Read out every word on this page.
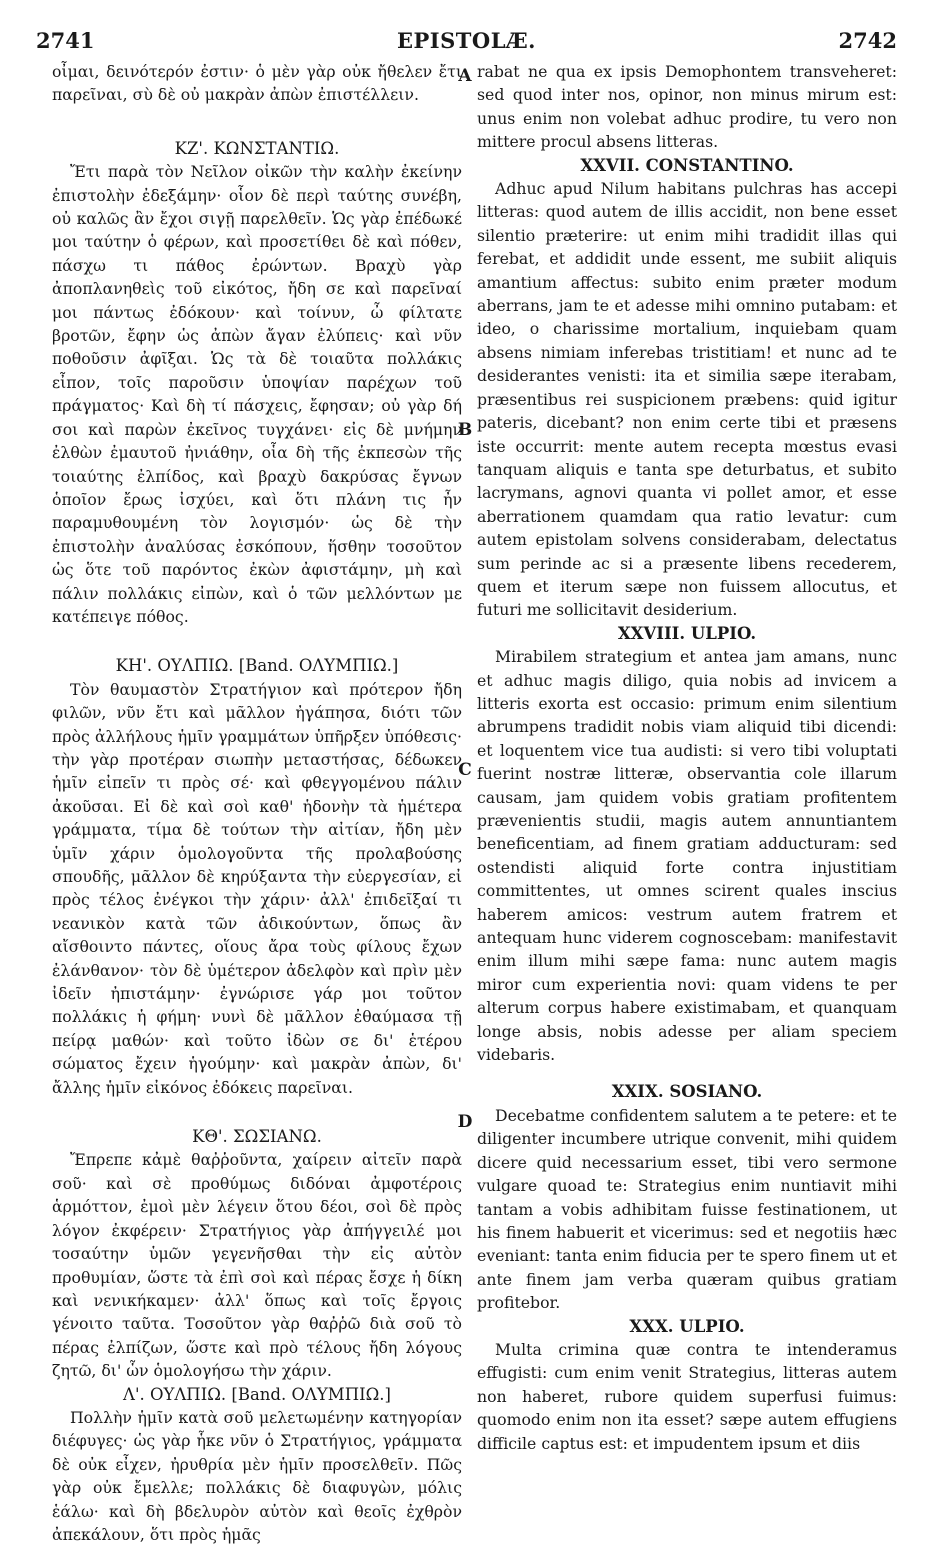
2741	EPISTOLÆ.	2742

οἶμαι, δεινότερόν ἐστιν· ὁ μὲν γὰρ οὐκ ἤθελεν ἔτι παρεῖναι, σὺ δὲ οὐ μακρὰν ἀπὼν ἐπιστέλλειν.

ΚΖ'. ΚΩΝΣΤΑΝΤΙΩ.

Ἔτι παρὰ τὸν Νεῖλον οἰκῶν τὴν καλὴν ἐκείνην ἐπιστολὴν ἐδεξάμην· οἷον δὲ περὶ ταύτης συνέβη, οὐ καλῶς ἂν ἔχοι σιγῇ παρελθεῖν. Ὡς γὰρ ἐπέδωκέ μοι ταύτην ὁ φέρων, καὶ προσετίθει δὲ καὶ πόθεν, πάσχω τι πάθος ἐρώντων. Βραχὺ γὰρ ἀποπλανηθεὶς τοῦ εἰκότος, ἤδη σε καὶ παρεῖναί μοι πάντως ἐδόκουν· καὶ τοίνυν, ὦ φίλτατε βροτῶν, ἔφην ὡς ἀπὼν ἄγαν ἐλύπεις· καὶ νῦν ποθοῦσιν ἀφῖξαι. Ὡς τὰ δὲ τοιαῦτα πολλάκις εἶπον, τοῖς παροῦσιν ὑποψίαν παρέχων τοῦ πράγματος· Καὶ δὴ τί πάσχεις, ἔφησαν; οὐ γὰρ δή σοι καὶ παρὼν ἐκεῖνος τυγχάνει· εἰς δὲ μνήμην ἐλθὼν ἐμαυτοῦ ἠνιάθην, οἷα δὴ τῆς ἐκπεσὼν τῆς τοιαύτης ἐλπίδος, καὶ βραχὺ δακρύσας ἔγνων ὁποῖον ἔρως ἰσχύει, καὶ ὅτι πλάνη τις ἦν παραμυθουμένη τὸν λογισμόν· ὡς δὲ τὴν ἐπιστολὴν ἀναλύσας ἐσκόπουν, ἥσθην τοσοῦτον ὡς ὅτε τοῦ παρόντος ἐκὼν ἀφιστάμην, μὴ καὶ πάλιν πολλάκις εἰπὼν, καὶ ὁ τῶν μελλόντων με κατέπειγε πόθος.

ΚΗ'. ΟΥΛΠΙΩ. [Band. ΟΛΥΜΠΙΩ.]

Τὸν θαυμαστὸν Στρατήγιον καὶ πρότερον ἤδη φιλῶν, νῦν ἔτι καὶ μᾶλλον ἠγάπησα, διότι τῶν πρὸς ἀλλήλους ἡμῖν γραμμάτων ὑπῆρξεν ὑπόθεσις· τὴν γὰρ προτέραν σιωπὴν μεταστήσας, δέδωκεν ἡμῖν εἰπεῖν τι πρὸς σέ· καὶ φθεγγομένου πάλιν ἀκοῦσαι. Εἰ δὲ καὶ σοὶ καθ' ἡδονὴν τὰ ἡμέτερα γράμματα, τίμα δὲ τούτων τὴν αἰτίαν, ἤδη μὲν ὑμῖν χάριν ὁμολογοῦντα τῆς προλαβούσης σπουδῆς, μᾶλλον δὲ κηρύξαντα τὴν εὐεργεσίαν, εἰ πρὸς τέλος ἐνέγκοι τὴν χάριν· ἀλλ' ἐπιδεῖξαί τι νεανικὸν κατὰ τῶν ἀδικούντων, ὅπως ἂν αἴσθοιντο πάντες, οἵους ἄρα τοὺς φίλους ἔχων ἐλάνθανον· τὸν δὲ ὑμέτερον ἀδελφὸν καὶ πρὶν μὲν ἰδεῖν ἠπιστάμην· ἐγνώρισε γάρ μοι τοῦτον πολλάκις ἡ φήμη· νυνὶ δὲ μᾶλλον ἐθαύμασα τῇ πείρᾳ μαθών· καὶ τοῦτο ἰδὼν σε δι' ἑτέρου σώματος ἔχειν ἡγούμην· καὶ μακρὰν ἀπὼν, δι' ἄλλης ἡμῖν εἰκόνος ἐδόκεις παρεῖναι.

ΚΘ'. ΣΩΣΙΑΝΩ.

Ἔπρεπε κἀμὲ θαῤῥοῦντα, χαίρειν αἰτεῖν παρὰ σοῦ· καὶ σὲ προθύμως διδόναι ἀμφοτέροις ἁρμόττον, ἐμοὶ μὲν λέγειν ὅτου δέοι, σοὶ δὲ πρὸς λόγον ἐκφέρειν· Στρατήγιος γὰρ ἀπήγγειλέ μοι τοσαύτην ὑμῶν γεγενῆσθαι τὴν εἰς αὐτὸν προθυμίαν, ὥστε τὰ ἐπὶ σοὶ καὶ πέρας ἔσχε ἡ δίκη καὶ νενικήκαμεν· ἀλλ' ὅπως καὶ τοῖς ἔργοις γένοιτο ταῦτα. Τοσοῦτον γὰρ θαῤῥῶ διὰ σοῦ τὸ πέρας ἐλπίζων, ὥστε καὶ πρὸ τέλους ἤδη λόγους ζητῶ, δι' ὧν ὁμολογήσω τὴν χάριν.

Λ'. ΟΥΛΠΙΩ. [Band. ΟΛΥΜΠΙΩ.]

Πολλὴν ἡμῖν κατὰ σοῦ μελετωμένην κατηγορίαν διέφυγες· ὡς γὰρ ἧκε νῦν ὁ Στρατήγιος, γράμματα δὲ οὐκ εἶχεν, ἠρυθρία μὲν ἡμῖν προσελθεῖν. Πῶς γὰρ οὐκ ἔμελλε; πολλάκις δὲ διαφυγὼν, μόλις ἑάλω· καὶ δὴ βδελυρὸν αὐτὸν καὶ θεοῖς ἐχθρὸν ἀπεκάλουν, ὅτι πρὸς ἡμᾶς

A
B
C
D

rabat ne qua ex ipsis Demophontem transveheret: sed quod inter nos, opinor, non minus mirum est: unus enim non volebat adhuc prodire, tu vero non mittere procul absens litteras.

XXVII. CONSTANTINO.

Adhuc apud Nilum habitans pulchras has accepi litteras: quod autem de illis accidit, non bene esset silentio præterire: ut enim mihi tradidit illas qui ferebat, et addidit unde essent, me subiit aliquis amantium affectus: subito enim præter modum aberrans, jam te et adesse mihi omnino putabam: et ideo, o charissime mortalium, inquiebam quam absens nimiam inferebas tristitiam! et nunc ad te desiderantes venisti: ita et similia sæpe iterabam, præsentibus rei suspicionem præbens: quid igitur pateris, dicebant? non enim certe tibi et præsens iste occurrit: mente autem recepta mœstus evasi tanquam aliquis e tanta spe deturbatus, et subito lacrymans, agnovi quanta vi pollet amor, et esse aberrationem quamdam qua ratio levatur: cum autem epistolam solvens considerabam, delectatus sum perinde ac si a præsente libens recederem, quem et iterum sæpe non fuissem allocutus, et futuri me sollicitavit desiderium.

XXVIII. ULPIO.

Mirabilem strategium et antea jam amans, nunc et adhuc magis diligo, quia nobis ad invicem a litteris exorta est occasio: primum enim silentium abrumpens tradidit nobis viam aliquid tibi dicendi: et loquentem vice tua audisti: si vero tibi voluptati fuerint nostræ litteræ, observantia cole illarum causam, jam quidem vobis gratiam profitentem prævenientis studii, magis autem annuntiantem beneficentiam, ad finem gratiam adducturam: sed ostendisti aliquid forte contra injustitiam committentes, ut omnes scirent quales inscius haberem amicos: vestrum autem fratrem et antequam hunc viderem cognoscebam: manifestavit enim illum mihi sæpe fama: nunc autem magis miror cum experientia novi: quam videns te per alterum corpus habere existimabam, et quanquam longe absis, nobis adesse per aliam speciem videbaris.

XXIX. SOSIANO.

Decebatme confidentem salutem a te petere: et te diligenter incumbere utrique convenit, mihi quidem dicere quid necessarium esset, tibi vero sermone vulgare quoad te: Strategius enim nuntiavit mihi tantam a vobis adhibitam fuisse festinationem, ut his finem habuerit et vicerimus: sed et negotiis hæc eveniant: tanta enim fiducia per te spero finem ut et ante finem jam verba quæram quibus gratiam profitebor.

XXX. ULPIO.

Multa crimina quæ contra te intenderamus effugisti: cum enim venit Strategius, litteras autem non haberet, rubore quidem superfusi fuimus: quomodo enim non ita esset? sæpe autem effugiens difficile captus est: et impudentem ipsum et diis
